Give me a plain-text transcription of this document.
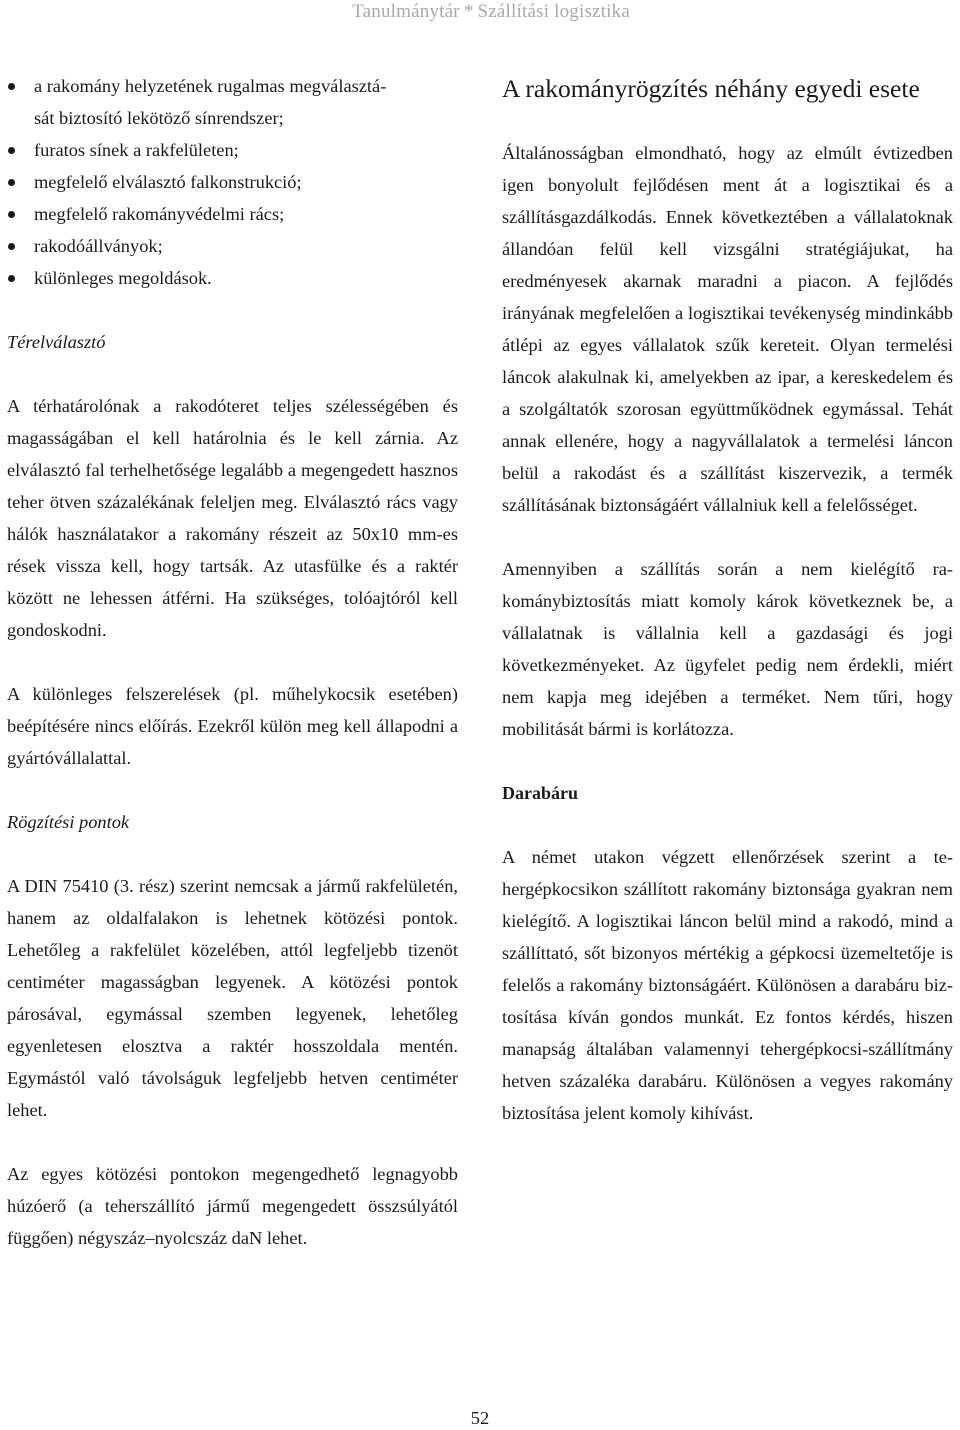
Tanulmánytár * Szállítási logisztika
a rakomány helyzetének rugalmas megválasztá-
sát biztosító lekötöző sínrendszer;
furatos sínek a rakfelületen;
megfelelő elválasztó falkonstrukció;
megfelelő rakományvédelmi rács;
rakodóállványok;
különleges megoldások.

Térelválasztó

A térhatárolónak a rakodóteret teljes szélességében és magasságában el kell határolnia és le kell zárnia. Az elválasztó fal terhelhetősége legalább a megengedett hasznos teher ötven százalékának feleljen meg. Elválasztó rács vagy hálók használatakor a rakomány részeit az 50x10 mm-es rések vissza kell, hogy tartsák. Az utasfülke és a raktér között ne lehessen átférni. Ha szükséges, tolóajtóról kell gondoskodni.

A különleges felszerelések (pl. műhelykocsik esetében) beépítésére nincs előírás. Ezekről külön meg kell állapodni a gyártóvállalattal.

Rögzítési pontok

A DIN 75410 (3. rész) szerint nemcsak a jármű rakfelületén, hanem az oldalfalakon is lehetnek kötözési pontok. Lehetőleg a rakfelület közelében, attól legfeljebb tizenöt centiméter magasságban legyenek. A kötözési pontok párosával, egymással szemben legyenek, lehetőleg egyenletesen elosztva a raktér hosszoldala mentén. Egymástól való távolságuk legfeljebb hetven centiméter lehet.

Az egyes kötözési pontokon megengedhető legnagyobb húzóerő (a teherszállító jármű megengedett összsúlyától függően) négyszáz–nyolcszáz daN lehet.

A rakományrögzítés néhány egyedi esete

Általánosságban elmondható, hogy az elmúlt évtizedben igen bonyolult fejlődésen ment át a logisztikai és a szállításgazdálkodás. Ennek következtében a vállalatoknak állandóan felül kell vizsgálni stratégiájukat, ha eredményesek akarnak maradni a piacon. A fejlődés irányának megfelelően a logisztikai tevékenység mindinkább átlépi az egyes vállalatok szűk kereteit. Olyan termelési láncok alakulnak ki, amelyekben az ipar, a kereskedelem és a szolgáltatók szorosan együttműködnek egymással. Tehát annak ellenére, hogy a nagyvállalatok a termelési láncon belül a rakodást és a szállítást kiszervezik, a termék szállításának biztonságáért vállalniuk kell a felelősséget.

Amennyiben a szállítás során a nem kielégítő rakománybiztosítás miatt komoly károk következnek be, a vállalatnak is vállalnia kell a gazdasági és jogi következményeket. Az ügyfelet pedig nem érdekli, miért nem kapja meg idejében a terméket. Nem tűri, hogy mobilitását bármi is korlátozza.

Darabáru

A német utakon végzett ellenőrzések szerint a tehergépkocsikon szállított rakomány biztonsága gyakran nem kielégítő. A logisztikai láncon belül mind a rakodó, mind a szállíttató, sőt bizonyos mértékig a gépkocsi üzemeltetője is felelős a rakomány biztonságáért. Különösen a darabáru biztosítása kíván gondos munkát. Ez fontos kérdés, hiszen manapság általában valamennyi tehergépkocsi-szállítmány hetven százaléka darabáru. Különösen a vegyes rakomány biztosítása jelent komoly kihívást.

52
